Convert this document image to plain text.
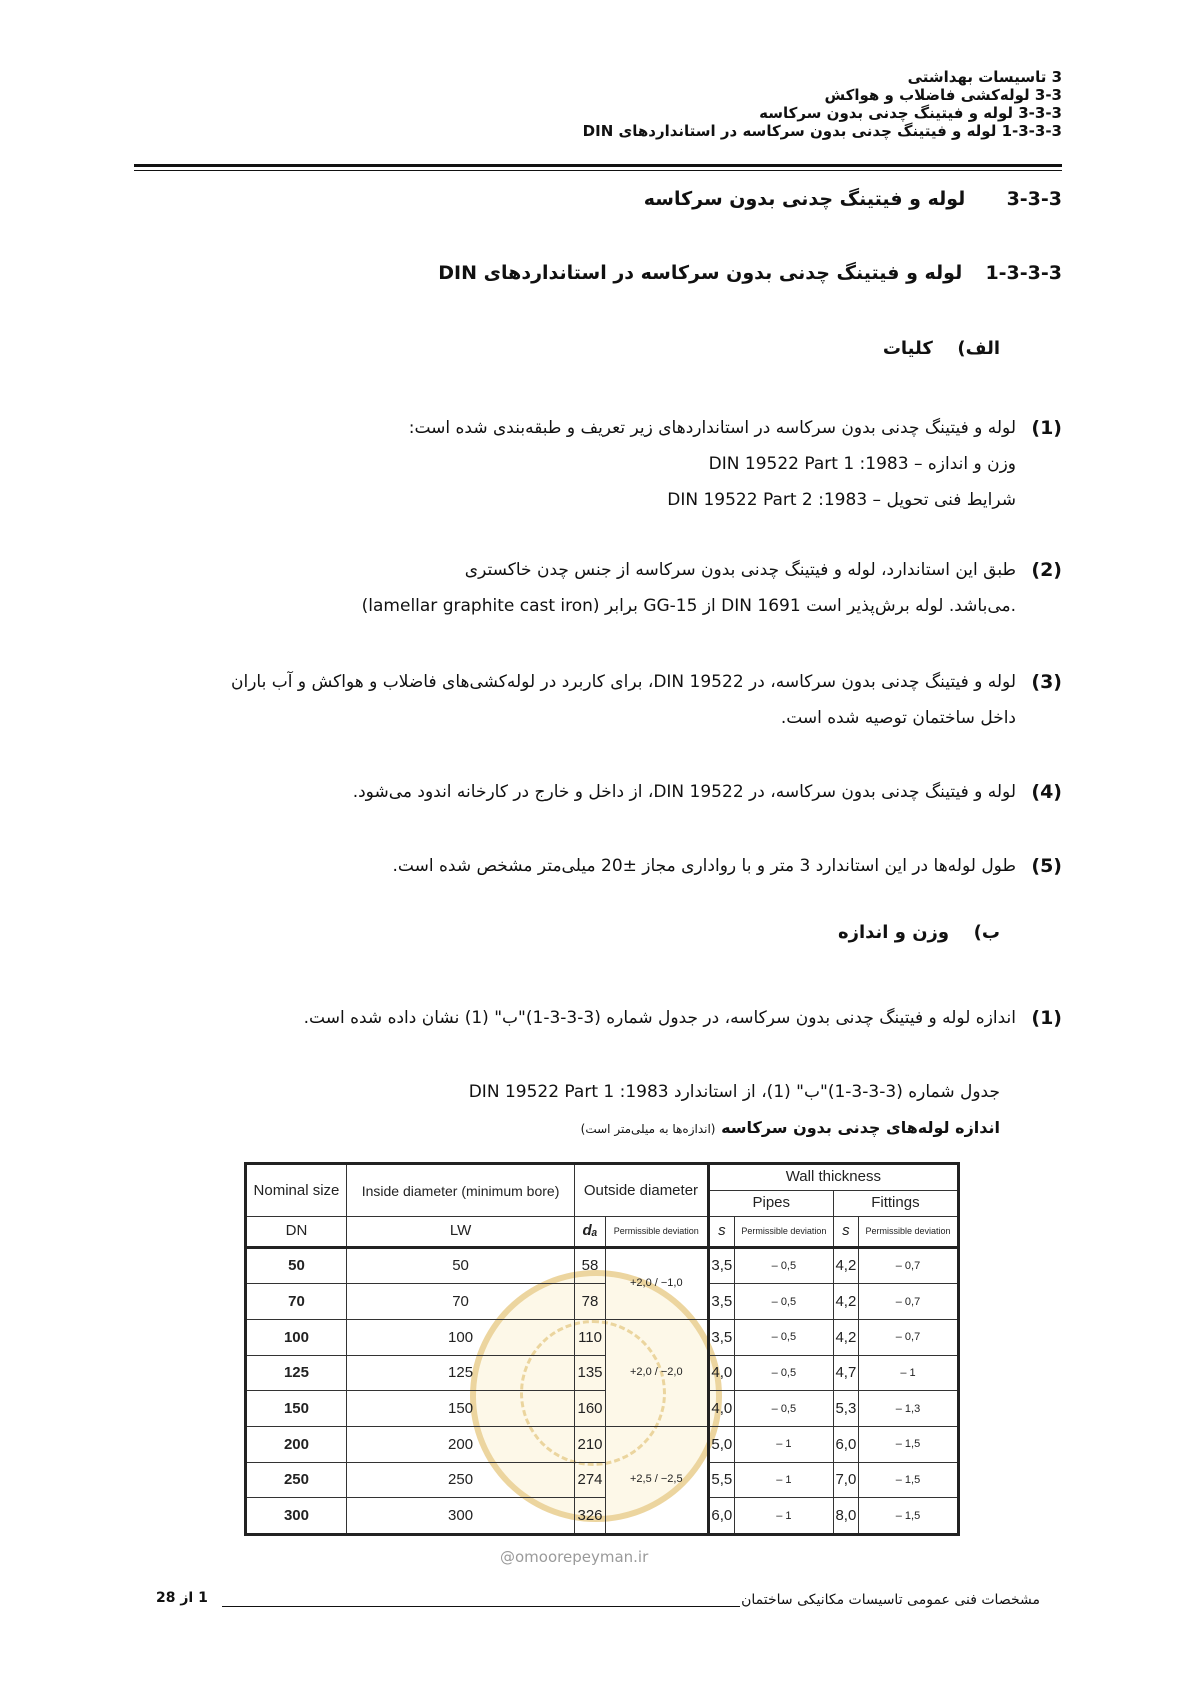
3 تاسیسات بهداشتی
3-3 لوله‌کشی فاضلاب و هواکش
3-3-3 لوله و فیتینگ چدنی بدون سرکاسه
1-3-3-3 لوله و فیتینگ چدنی بدون سرکاسه در استانداردهای DIN
3-3-3  لوله و فیتینگ چدنی بدون سرکاسه
1-3-3-3  لوله و فیتینگ چدنی بدون سرکاسه در استانداردهای DIN
الف)  کلیات
(1)
لوله و فیتینگ چدنی بدون سرکاسه در استانداردهای زیر تعریف و طبقه‌بندی شده است:
DIN 19522 Part 1 :1983 – وزن و اندازه
DIN 19522 Part 2 :1983 – شرایط فنی تحویل
(2)
طبق این استاندارد، لوله و فیتینگ چدنی بدون سرکاسه از جنس چدن خاکستری
(lamellar graphite cast iron) برابر GG-15 از DIN 1691 می‌باشد. لوله برش‌پذیر است.
(3)
لوله و فیتینگ چدنی بدون سرکاسه، در DIN 19522، برای کاربرد در لوله‌کشی‌های فاضلاب و هواکش و آب باران
داخل ساختمان توصیه شده است.
(4)
لوله و فیتینگ چدنی بدون سرکاسه، در DIN 19522، از داخل و خارج در کارخانه اندود می‌شود.
(5)
طول لوله‌ها در این استاندارد 3 متر و با رواداری مجاز ±20 میلی‌متر مشخص شده است.
ب)  وزن و اندازه
(1)
اندازه لوله و فیتینگ چدنی بدون سرکاسه، در جدول شماره (3-3-3-1)"ب" (1) نشان داده شده است.
جدول شماره (3-3-3-1)"ب" (1)، از استاندارد DIN 19522 Part 1 :1983
اندازه لوله‌های چدنی بدون سرکاسه (اندازه‌ها به میلی‌متر است)
Nominal size	Inside diameter (minimum bore)	Outside diameter		Wall thickness			
				Pipes		Fittings	
DN	LW	dₐ	Permissible deviation	s	Permissible deviation	s	Permissible deviation
50	50	58	+2,0 / −1,0	3,5	– 0,5	4,2	– 0,7
70	70	78		3,5	– 0,5	4,2	– 0,7
100	100	110	+2,0 / −2,0	3,5	– 0,5	4,2	– 0,7
125	125	135		4,0	– 0,5	4,7	– 1
150	150	160		4,0	– 0,5	5,3	– 1,3
200	200	210	+2,5 / −2,5	5,0	– 1	6,0	– 1,5
250	250	274		5,5	– 1	7,0	– 1,5
300	300	326		6,0	– 1	8,0	– 1,5
@omoorepeyman.ir
مشخصات فنی عمومی تاسیسات مکانیکی ساختمان
1 از 28
